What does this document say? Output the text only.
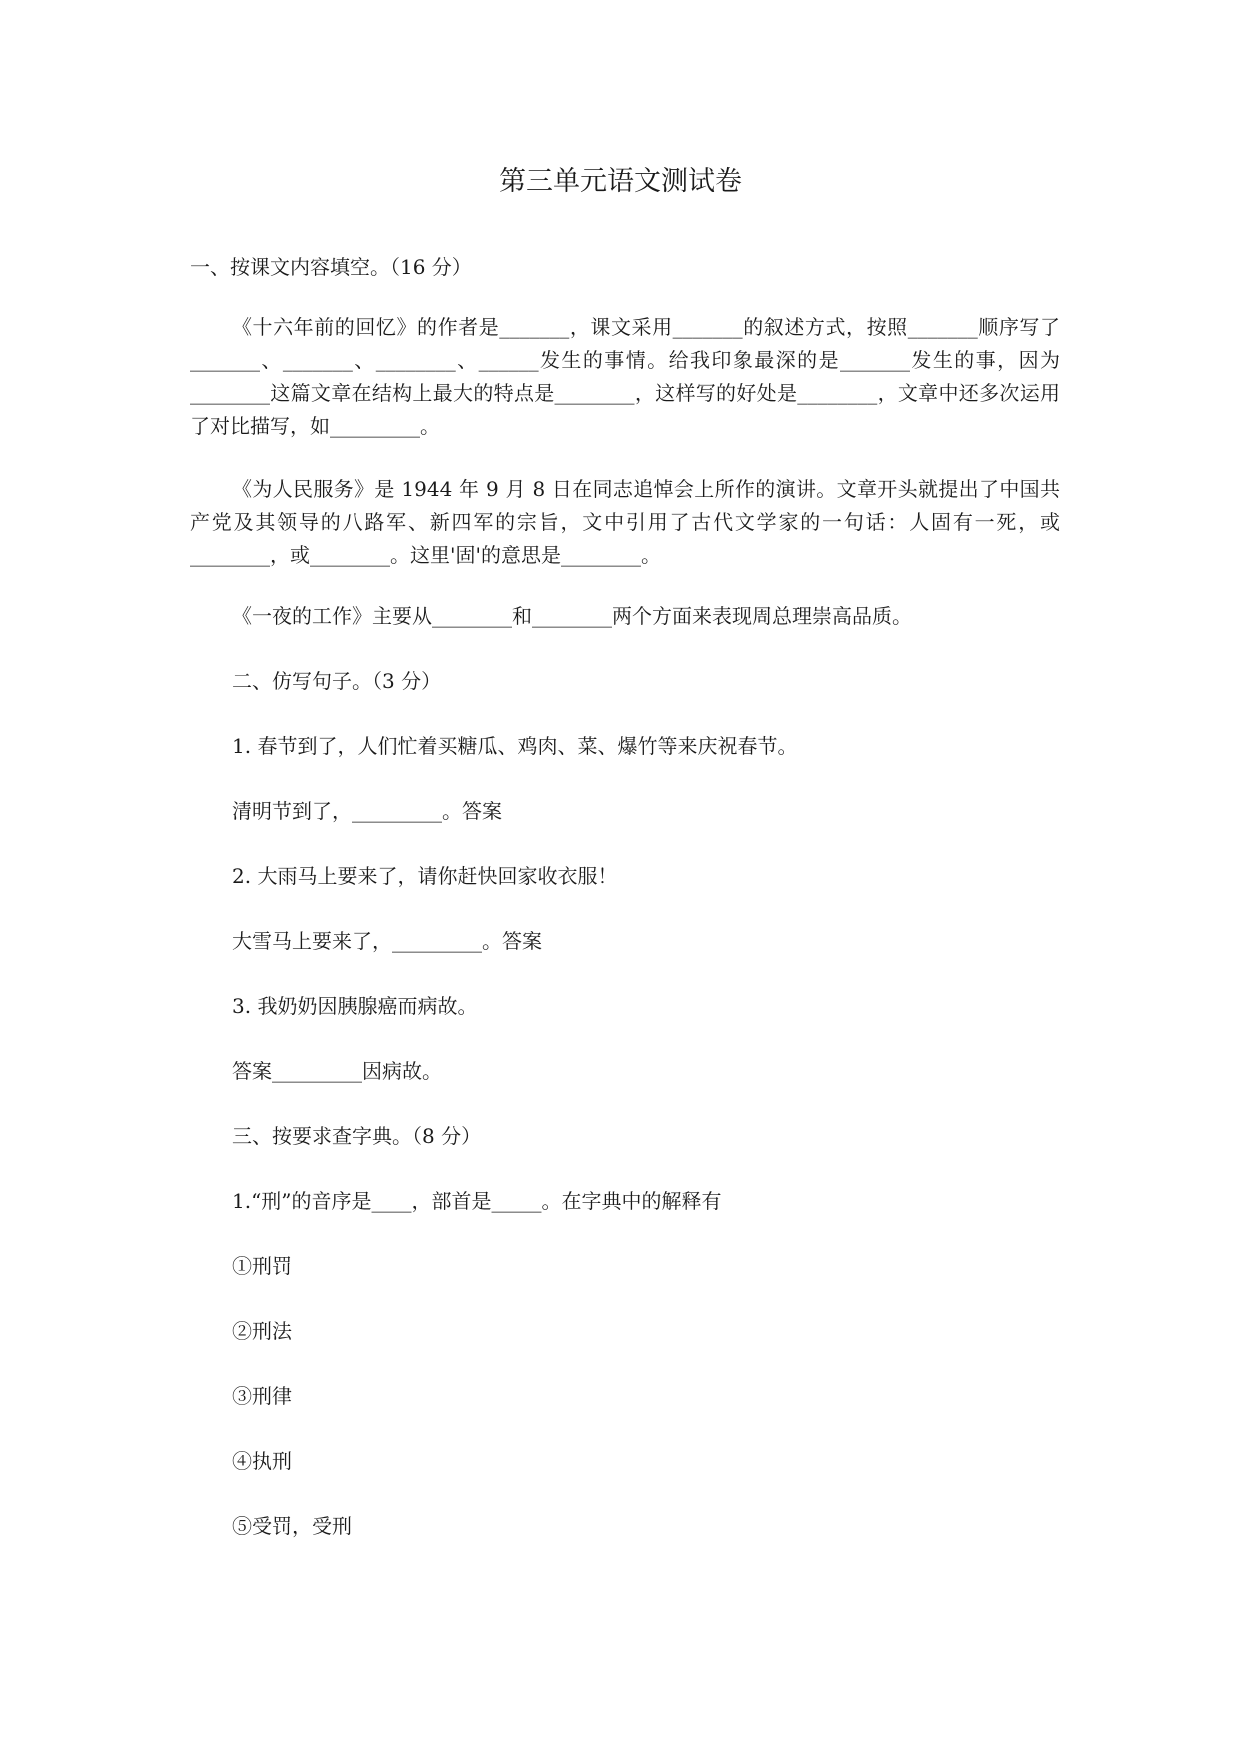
第三单元语文测试卷
一、按课文内容填空。（16 分）
《十六年前的回忆》的作者是_______，课文采用_______的叙述方式，按照_______顺序写了_______、_______、________、______发生的事情。给我印象最深的是_______发生的事，因为________这篇文章在结构上最大的特点是________，这样写的好处是________，文章中还多次运用了对比描写，如_________。
《为人民服务》是 1944 年 9 月 8 日在同志追悼会上所作的演讲。文章开头就提出了中国共产党及其领导的八路军、新四军的宗旨，文中引用了古代文学家的一句话：人固有一死，或________，或________。这里'固'的意思是________。
《一夜的工作》主要从________和________两个方面来表现周总理崇高品质。
二、仿写句子。（3 分）
1. 春节到了，人们忙着买糖瓜、鸡肉、菜、爆竹等来庆祝春节。
清明节到了，_________。答案
2. 大雨马上要来了，请你赶快回家收衣服！
大雪马上要来了，_________。答案
3. 我奶奶因胰腺癌而病故。
答案_________因病故。
三、按要求查字典。（8 分）
1.“刑”的音序是____，部首是_____。在字典中的解释有
①刑罚
②刑法
③刑律
④执刑
⑤受罚，受刑
